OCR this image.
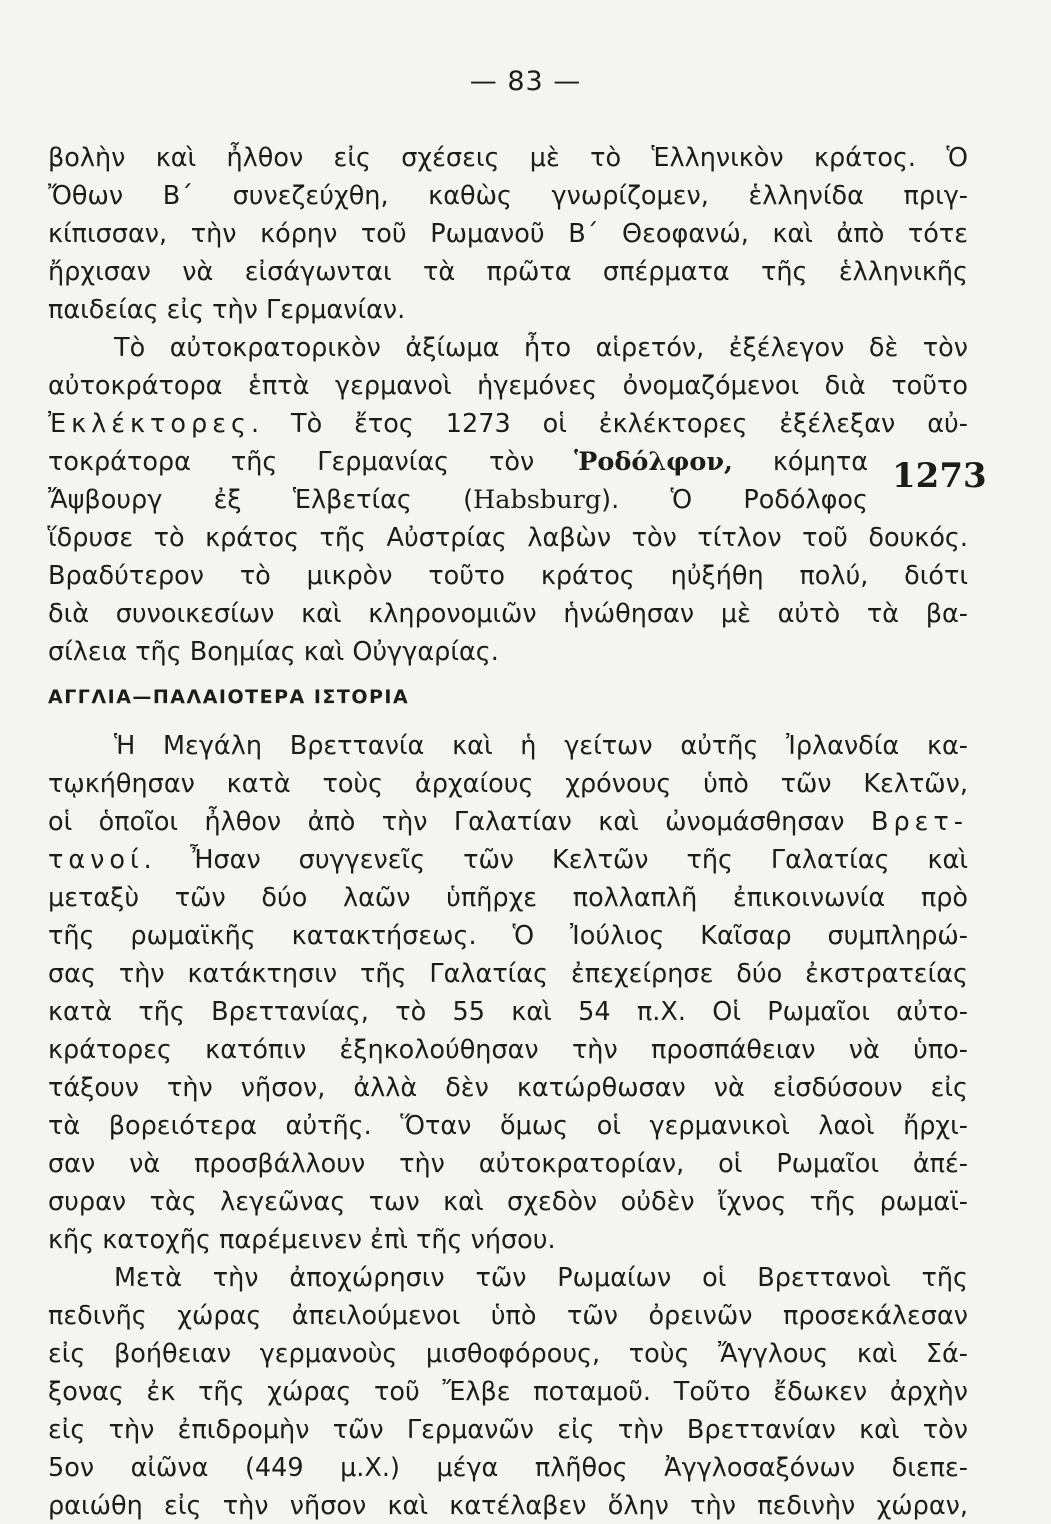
— 83 —
1273
βολὴν καὶ ἦλθον εἰς σχέσεις μὲ τὸ Ἑλληνικὸν κράτος. Ὁ
Ὄθων Β΄ συνεζεύχθη, καθὼς γνωρίζομεν, ἑλληνίδα πριγ-
κίπισσαν, τὴν κόρην τοῦ Ρωμανοῦ Β΄ Θεοφανώ, καὶ ἀπὸ τότε
ἤρχισαν νὰ εἰσάγωνται τὰ πρῶτα σπέρματα τῆς ἑλληνικῆς
παιδείας εἰς τὴν Γερμανίαν.
Τὸ αὐτοκρατορικὸν ἀξίωμα ἦτο αἱρετόν, ἐξέλεγον δὲ τὸν
αὐτοκράτορα ἑπτὰ γερμανοὶ ἡγεμόνες ὀνομαζόμενοι διὰ τοῦτο
Ἐκλέκτορες. Τὸ ἔτος 1273 οἱ ἐκλέκτορες ἐξέλεξαν αὐ-
τοκράτορα τῆς Γερμανίας τὸν Ῥοδόλφον, κόμητα
Ἄψβουργ ἐξ Ἑλβετίας (Habsburg). Ὁ Ροδόλφος
ἵδρυσε τὸ κράτος τῆς Αὐστρίας λαβὼν τὸν τίτλον τοῦ δουκός.
Βραδύτερον τὸ μικρὸν τοῦτο κράτος ηὐξήθη πολύ, διότι
διὰ συνοικεσίων καὶ κληρονομιῶν ἡνώθησαν μὲ αὐτὸ τὰ βα-
σίλεια τῆς Βοημίας καὶ Οὐγγαρίας.
ΑΓΓΛΙΑ—ΠΑΛΑΙΟΤΕΡΑ ΙΣΤΟΡΙΑ
Ἡ Μεγάλη Βρεττανία καὶ ἡ γείτων αὐτῆς Ἰρλανδία κα-
τῳκήθησαν κατὰ τοὺς ἀρχαίους χρόνους ὑπὸ τῶν Κελτῶν,
οἱ ὁποῖοι ἦλθον ἀπὸ τὴν Γαλατίαν καὶ ὠνομάσθησαν Βρετ-
τανοί. Ἦσαν συγγενεῖς τῶν Κελτῶν τῆς Γαλατίας καὶ
μεταξὺ τῶν δύο λαῶν ὑπῆρχε πολλαπλῆ ἐπικοινωνία πρὸ
τῆς ρωμαϊκῆς κατακτήσεως. Ὁ Ἰούλιος Καῖσαρ συμπληρώ-
σας τὴν κατάκτησιν τῆς Γαλατίας ἐπεχείρησε δύο ἐκστρατείας
κατὰ τῆς Βρεττανίας, τὸ 55 καὶ 54 π.Χ. Οἱ Ρωμαῖοι αὐτο-
κράτορες κατόπιν ἐξηκολούθησαν τὴν προσπάθειαν νὰ ὑπο-
τάξουν τὴν νῆσον, ἀλλὰ δὲν κατώρθωσαν νὰ εἰσδύσουν εἰς
τὰ βορειότερα αὐτῆς. Ὅταν ὅμως οἱ γερμανικοὶ λαοὶ ἤρχι-
σαν νὰ προσβάλλουν τὴν αὐτοκρατορίαν, οἱ Ρωμαῖοι ἀπέ-
συραν τὰς λεγεῶνας των καὶ σχεδὸν οὐδὲν ἴχνος τῆς ρωμαϊ-
κῆς κατοχῆς παρέμεινεν ἐπὶ τῆς νήσου.
Μετὰ τὴν ἀποχώρησιν τῶν Ρωμαίων οἱ Βρεττανοὶ τῆς
πεδινῆς χώρας ἀπειλούμενοι ὑπὸ τῶν ὀρεινῶν προσεκάλεσαν
εἰς βοήθειαν γερμανοὺς μισθοφόρους, τοὺς Ἄγγλους καὶ Σά-
ξονας ἐκ τῆς χώρας τοῦ Ἔλβε ποταμοῦ. Τοῦτο ἔδωκεν ἀρχὴν
εἰς τὴν ἐπιδρομὴν τῶν Γερμανῶν εἰς τὴν Βρεττανίαν καὶ τὸν
5ον αἰῶνα (449 μ.Χ.) μέγα πλῆθος Ἀγγλοσαξόνων διεπε-
ραιώθη εἰς τὴν νῆσον καὶ κατέλαβεν ὅλην τὴν πεδινὴν χώραν,
